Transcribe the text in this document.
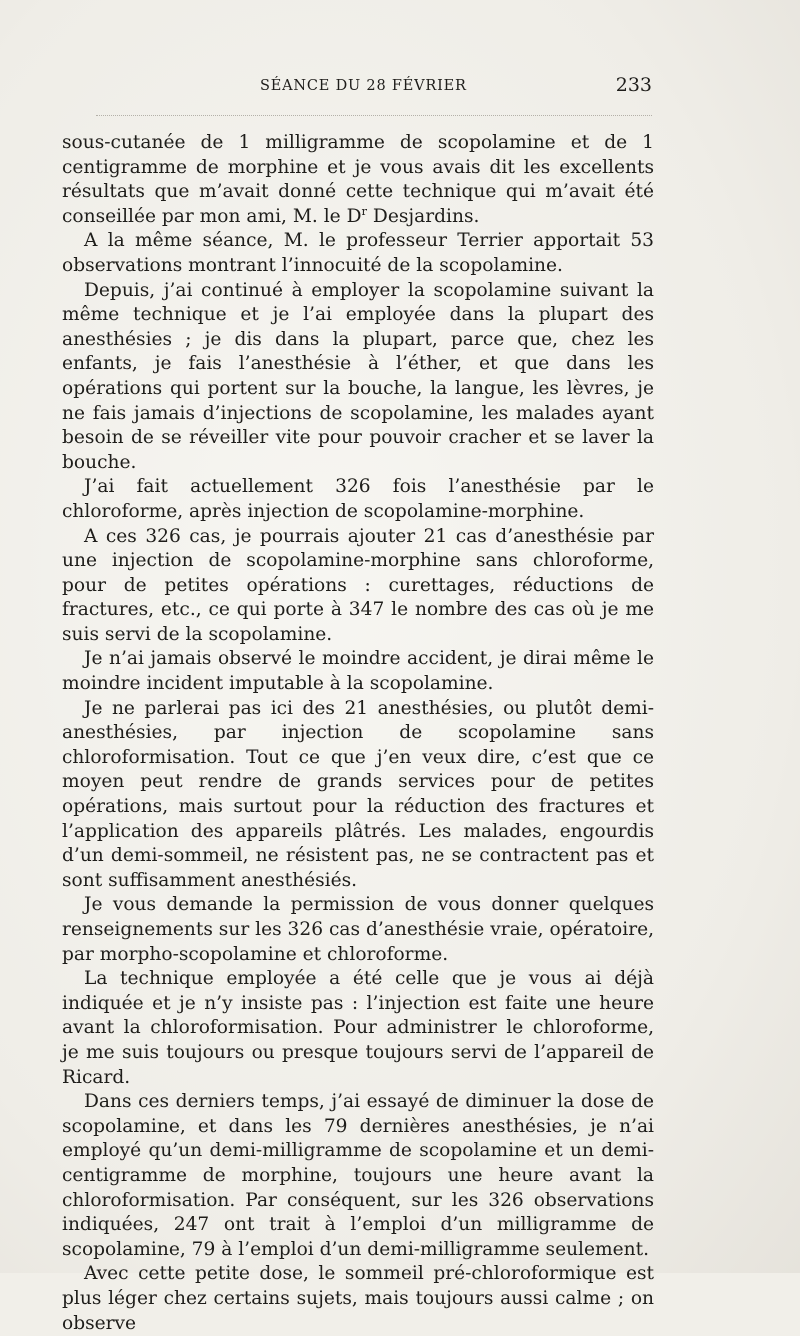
SÉANCE DU 28 FÉVRIER	233

sous-cutanée de 1 milligramme de scopolamine et de 1 centigramme de morphine et je vous avais dit les excellents résultats que m’avait donné cette technique qui m’avait été conseillée par mon ami, M. le $D^r$ Desjardins.

A la même séance, M. le professeur Terrier apportait 53 observations montrant l’innocuité de la scopolamine.

Depuis, j’ai continué à employer la scopolamine suivant la même technique et je l’ai employée dans la plupart des anesthésies ; je dis dans la plupart, parce que, chez les enfants, je fais l’anesthésie à l’éther, et que dans les opérations qui portent sur la bouche, la langue, les lèvres, je ne fais jamais d’injections de scopolamine, les malades ayant besoin de se réveiller vite pour pouvoir cracher et se laver la bouche.

J’ai fait actuellement 326 fois l’anesthésie par le chloroforme, après injection de scopolamine-morphine.

A ces 326 cas, je pourrais ajouter 21 cas d’anesthésie par une injection de scopolamine-morphine sans chloroforme, pour de petites opérations : curettages, réductions de fractures, etc., ce qui porte à 347 le nombre des cas où je me suis servi de la scopolamine.

Je n’ai jamais observé le moindre accident, je dirai même le moindre incident imputable à la scopolamine.

Je ne parlerai pas ici des 21 anesthésies, ou plutôt demi-anesthésies, par injection de scopolamine sans chloroformisation. Tout ce que j’en veux dire, c’est que ce moyen peut rendre de grands services pour de petites opérations, mais surtout pour la réduction des fractures et l’application des appareils plâtrés. Les malades, engourdis d’un demi-sommeil, ne résistent pas, ne se contractent pas et sont suffisamment anesthésiés.

Je vous demande la permission de vous donner quelques renseignements sur les 326 cas d’anesthésie vraie, opératoire, par morpho-scopolamine et chloroforme.

La technique employée a été celle que je vous ai déjà indiquée et je n’y insiste pas : l’injection est faite une heure avant la chloroformisation. Pour administrer le chloroforme, je me suis toujours ou presque toujours servi de l’appareil de Ricard.

Dans ces derniers temps, j’ai essayé de diminuer la dose de scopolamine, et dans les 79 dernières anesthésies, je n’ai employé qu’un demi-milligramme de scopolamine et un demi-centigramme de morphine, toujours une heure avant la chloroformisation. Par conséquent, sur les 326 observations indiquées, 247 ont trait à l’emploi d’un milligramme de scopolamine, 79 à l’emploi d’un demi-milligramme seulement.

Avec cette petite dose, le sommeil pré-chloroformique est plus léger chez certains sujets, mais toujours aussi calme ; on observe
